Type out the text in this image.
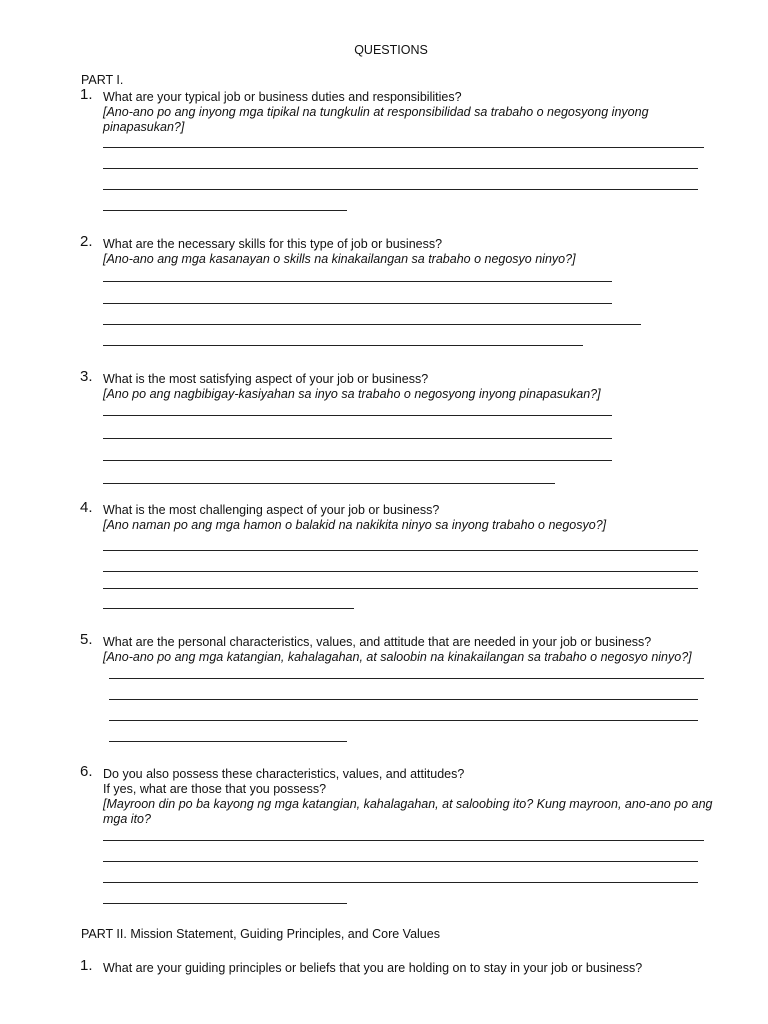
QUESTIONS
PART I.
1. What are your typical job or business duties and responsibilities?
[Ano-ano po ang inyong mga tipikal na tungkulin at responsibilidad sa trabaho o negosyong inyong pinapasukan?]
2. What are the necessary skills for this type of job or business?
[Ano-ano ang mga kasanayan o skills na kinakailangan sa trabaho o negosyo ninyo?]
3. What is the most satisfying aspect of your job or business?
[Ano po ang nagbibigay-kasiyahan sa inyo sa trabaho o negosyong inyong pinapasukan?]
4. What is the most challenging aspect of your job or business?
[Ano naman po ang mga hamon o balakid na nakikita ninyo sa inyong trabaho o negosyo?]
5. What are the personal characteristics, values, and attitude that are needed in your job or business?
[Ano-ano po ang mga katangian, kahalagahan, at saloobin na kinakailangan sa trabaho o negosyo ninyo?]
6. Do you also possess these characteristics, values, and attitudes?
If yes, what are those that you possess?
[Mayroon din po ba kayong ng mga katangian, kahalagahan, at saloobing ito? Kung mayroon, ano-ano po ang mga ito?
PART II. Mission Statement, Guiding Principles, and Core Values
1. What are your guiding principles or beliefs that you are holding on to stay in your job or business?
